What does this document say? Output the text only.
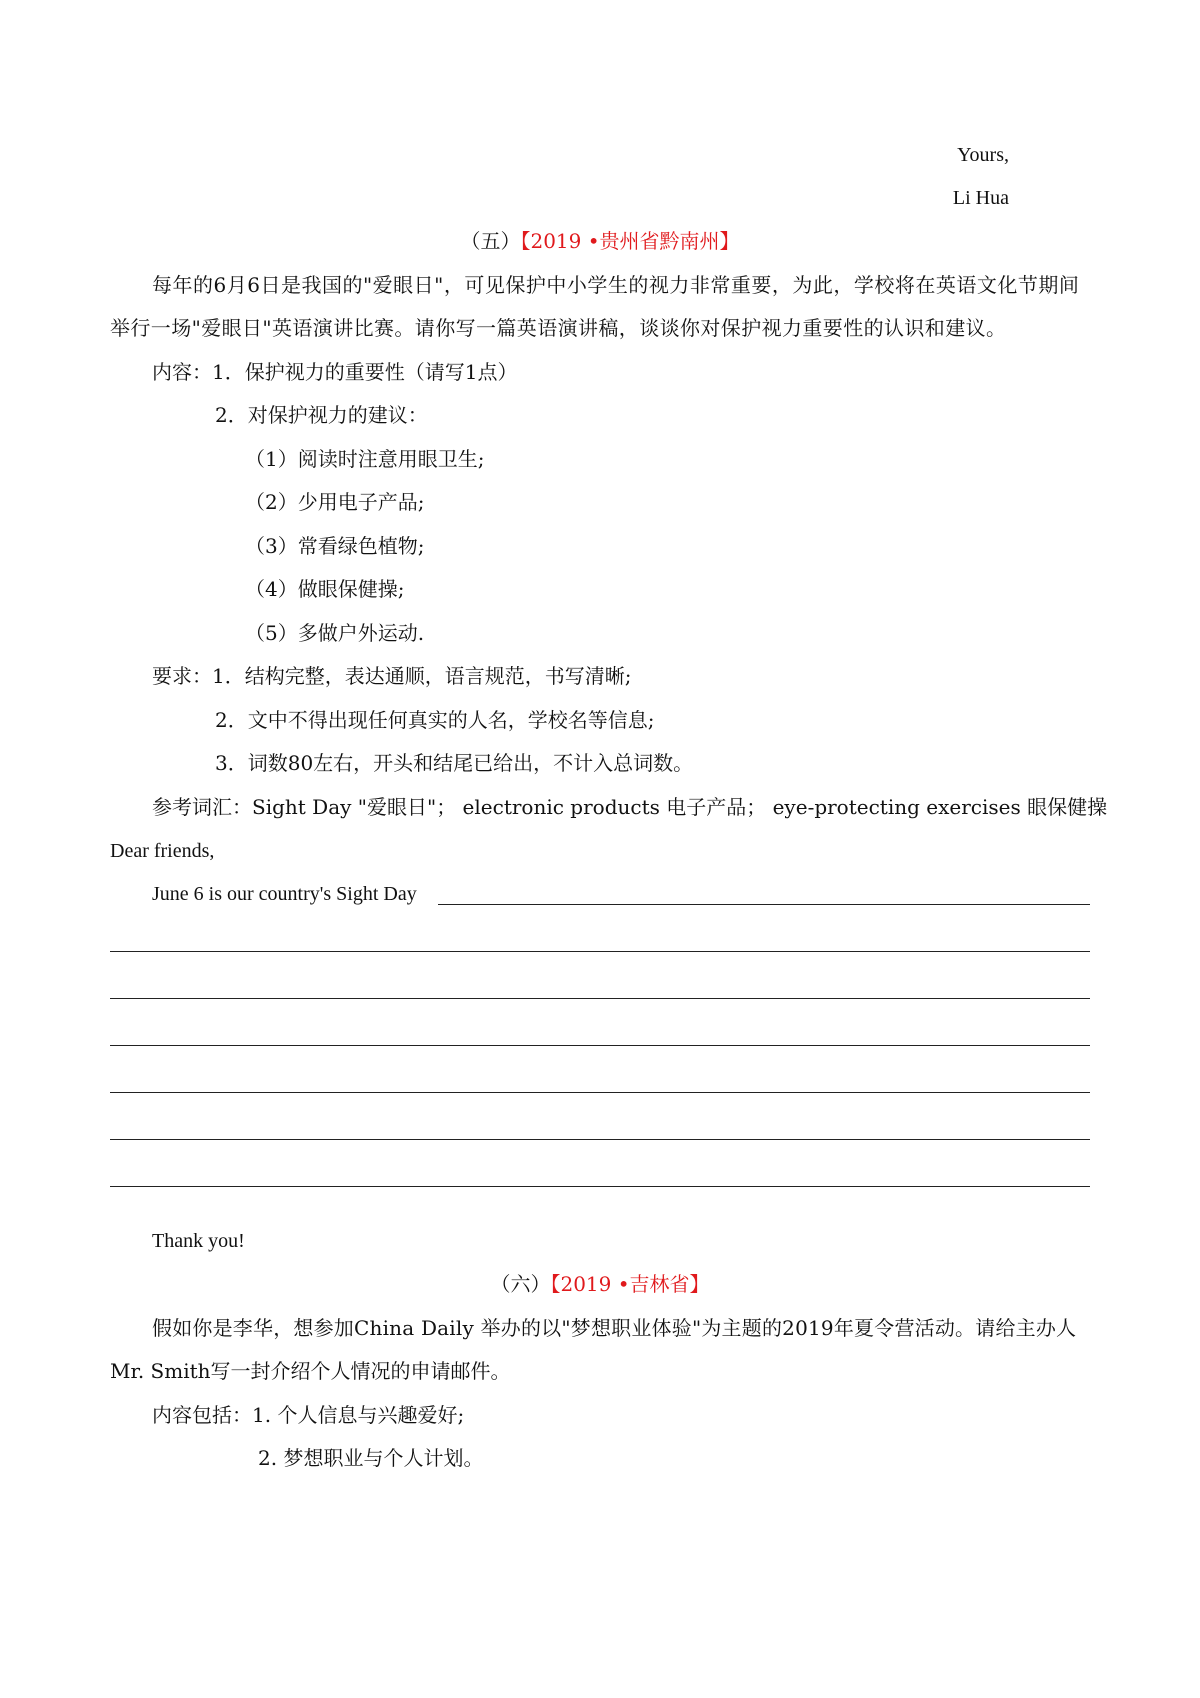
Yours,
Li Hua
（五）【2019 •贵州省黔南州】
每年的6月6日是我国的"爱眼日"，可见保护中小学生的视力非常重要，为此，学校将在英语文化节期间
举行一场"爱眼日"英语演讲比赛。请你写一篇英语演讲稿，谈谈你对保护视力重要性的认识和建议。
内容：1．保护视力的重要性（请写1点）
2．对保护视力的建议：
（1）阅读时注意用眼卫生;
（2）少用电子产品;
（3）常看绿色植物;
（4）做眼保健操;
（5）多做户外运动.
要求：1．结构完整，表达通顺，语言规范，书写清晰;
2．文中不得出现任何真实的人名，学校名等信息;
3．词数80左右，开头和结尾已给出，不计入总词数。
参考词汇：Sight Day "爱眼日"； electronic products 电子产品； eye-protecting exercises 眼保健操
Dear friends,
June 6 is our country's Sight Day
Thank you!
（六）【2019 •吉林省】
假如你是李华，想参加China Daily 举办的以"梦想职业体验"为主题的2019年夏令营活动。请给主办人
Mr. Smith写一封介绍个人情况的申请邮件。
内容包括：1. 个人信息与兴趣爱好;
2. 梦想职业与个人计划。
